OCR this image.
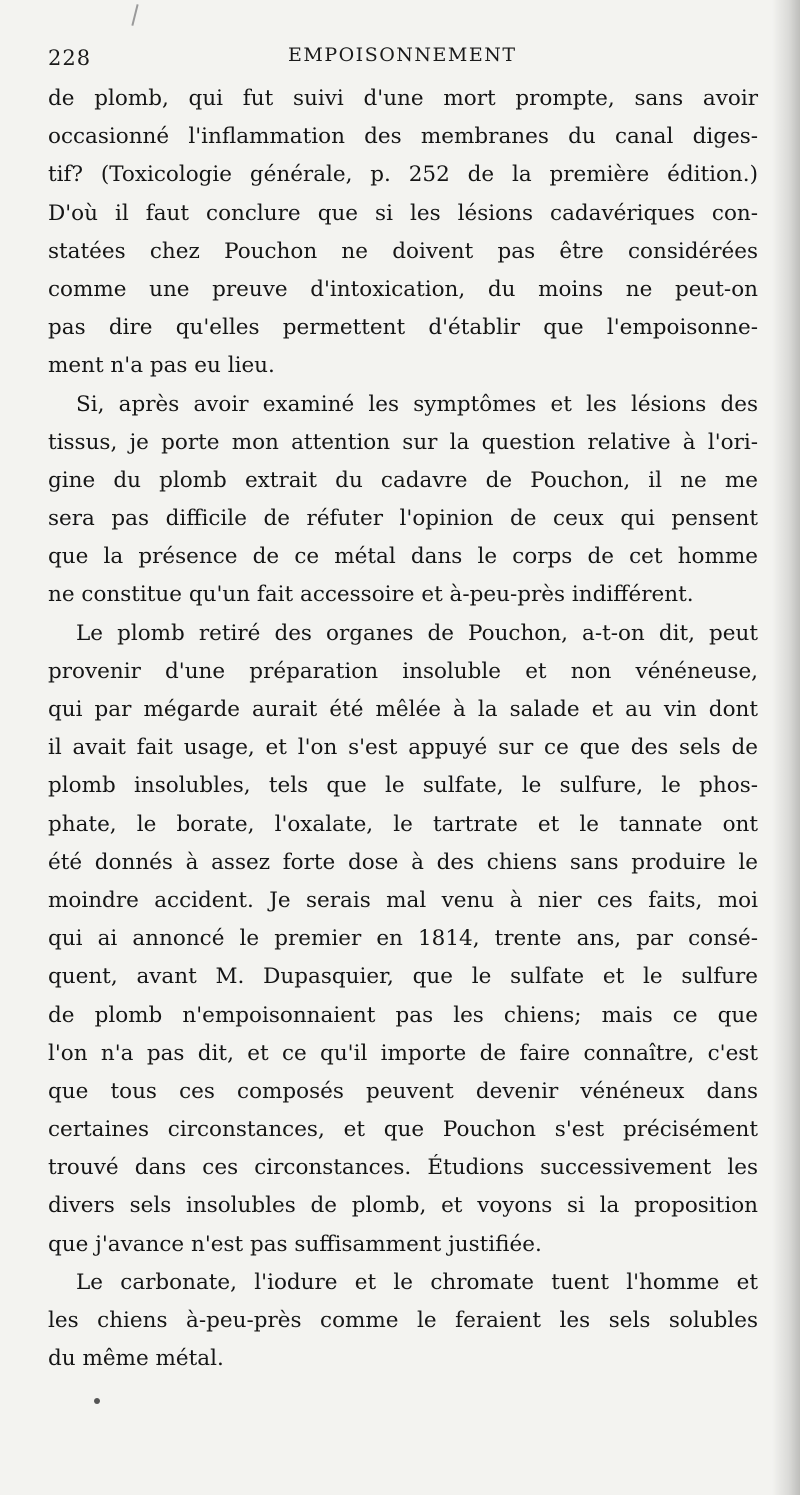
228	EMPOISONNEMENT
de plomb, qui fut suivi d'une mort prompte, sans avoir
occasionné l'inflammation des membranes du canal diges-
tif? (Toxicologie générale, p. 252 de la première édition.)
D'où il faut conclure que si les lésions cadavériques con-
statées chez Pouchon ne doivent pas être considérées
comme une preuve d'intoxication, du moins ne peut-on
pas dire qu'elles permettent d'établir que l'empoisonne-
ment n'a pas eu lieu.
Si, après avoir examiné les symptômes et les lésions des
tissus, je porte mon attention sur la question relative à l'ori-
gine du plomb extrait du cadavre de Pouchon, il ne me
sera pas difficile de réfuter l'opinion de ceux qui pensent
que la présence de ce métal dans le corps de cet homme
ne constitue qu'un fait accessoire et à-peu-près indifférent.
Le plomb retiré des organes de Pouchon, a-t-on dit, peut
provenir d'une préparation insoluble et non vénéneuse,
qui par mégarde aurait été mêlée à la salade et au vin dont
il avait fait usage, et l'on s'est appuyé sur ce que des sels de
plomb insolubles, tels que le sulfate, le sulfure, le phos-
phate, le borate, l'oxalate, le tartrate et le tannate ont
été donnés à assez forte dose à des chiens sans produire le
moindre accident. Je serais mal venu à nier ces faits, moi
qui ai annoncé le premier en 1814, trente ans, par consé-
quent, avant M. Dupasquier, que le sulfate et le sulfure
de plomb n'empoisonnaient pas les chiens; mais ce que
l'on n'a pas dit, et ce qu'il importe de faire connaître, c'est
que tous ces composés peuvent devenir vénéneux dans
certaines circonstances, et que Pouchon s'est précisément
trouvé dans ces circonstances. Étudions successivement les
divers sels insolubles de plomb, et voyons si la proposition
que j'avance n'est pas suffisamment justifiée.
Le carbonate, l'iodure et le chromate tuent l'homme et
les chiens à-peu-près comme le feraient les sels solubles
du même métal.
